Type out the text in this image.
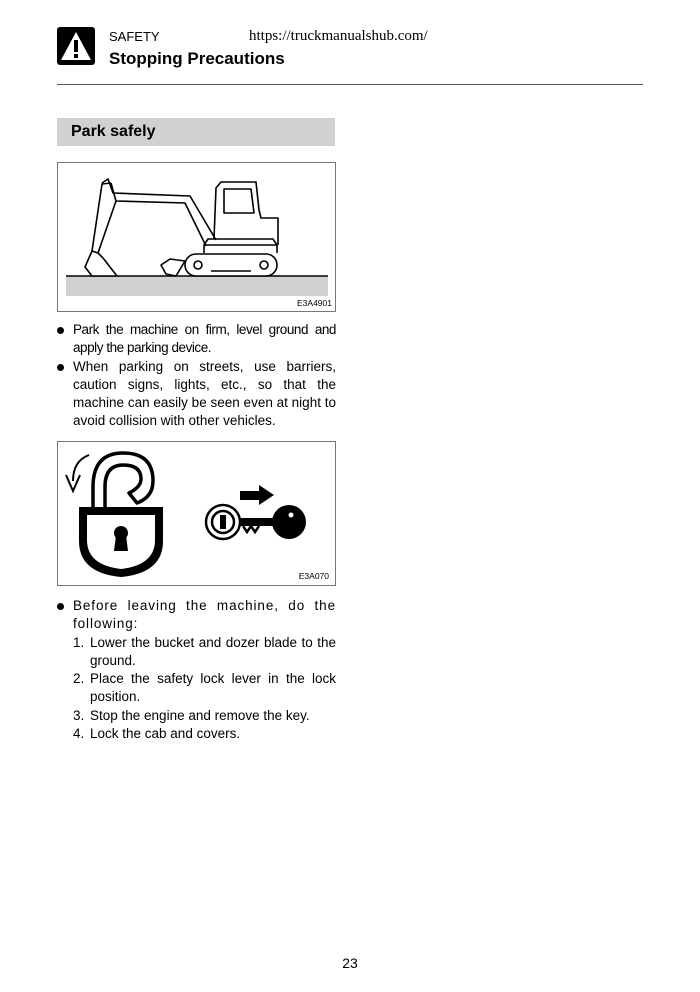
SAFETY	https://truckmanualshub.com/
Stopping Precautions
Park safely
E3A4901
Park the machine on firm, level ground and apply the parking device.
When parking on streets, use barriers, caution signs, lights, etc., so that the machine can easily be seen even at night to avoid collision with other vehicles.
E3A070
Before leaving the machine, do the following:
1. Lower the bucket and dozer blade to the ground.
2. Place the safety lock lever in the lock position.
3. Stop the engine and remove the key.
4. Lock the cab and covers.
23
